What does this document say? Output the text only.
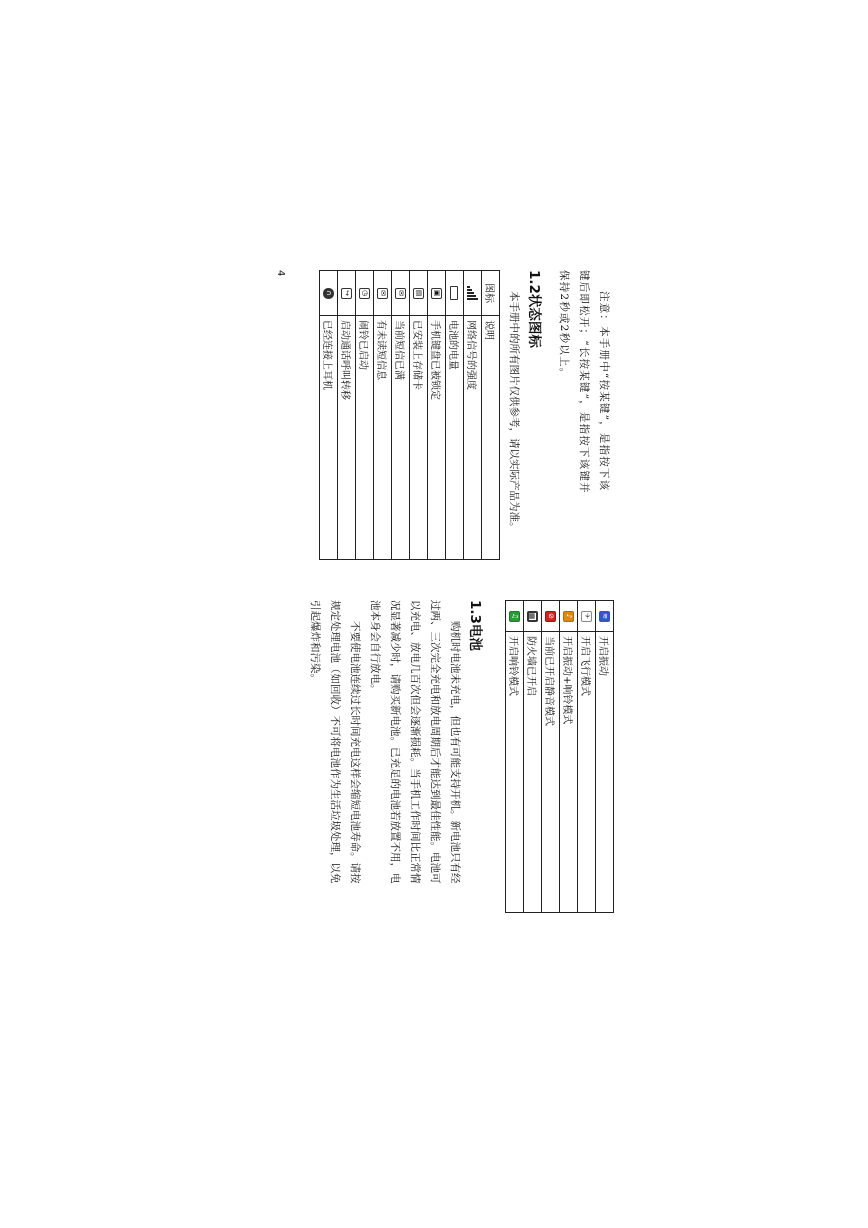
注意：本手册中“按某键”，是指按下该

键后即松开；“长按某键”，是指按下该键并

保持2秒或2秒以上。

1.2状态图标

本手册中的所有图片仅供参考，请以实际产品为准。

图标	说明
	网络信号的强度
	电池的电量
▣	手机键盘已被锁定
▤	已安装上存储卡
✉	当前短信已满
✉	有未读短信息
◷	闹铃已启动
↪	启动通话呼叫转移
∩	已经连接上耳机
4
≋	开启振动
✈	开启飞行模式
♪	开启振动+响铃模式
⊘	当前已开启静音模式
▦	防火墙已开启
♫	开启响铃模式
1.3电池

购机时电池未充电，但也有可能支持开机。新电池只有经过两、三次完全充电和放电周期后才能达到最佳性能。电池可以充电、放电几百次但会逐渐损耗。当手机工作时间比正常情况显著减少时，请购买新电池。已充足的电池若放置不用，电池本身会自行放电。

不要使电池连续过长时间充电这样会缩短电池寿命。请按规定处理电池（如回收）不可将电池作为生活垃圾处理，以免引起爆炸和污染。
